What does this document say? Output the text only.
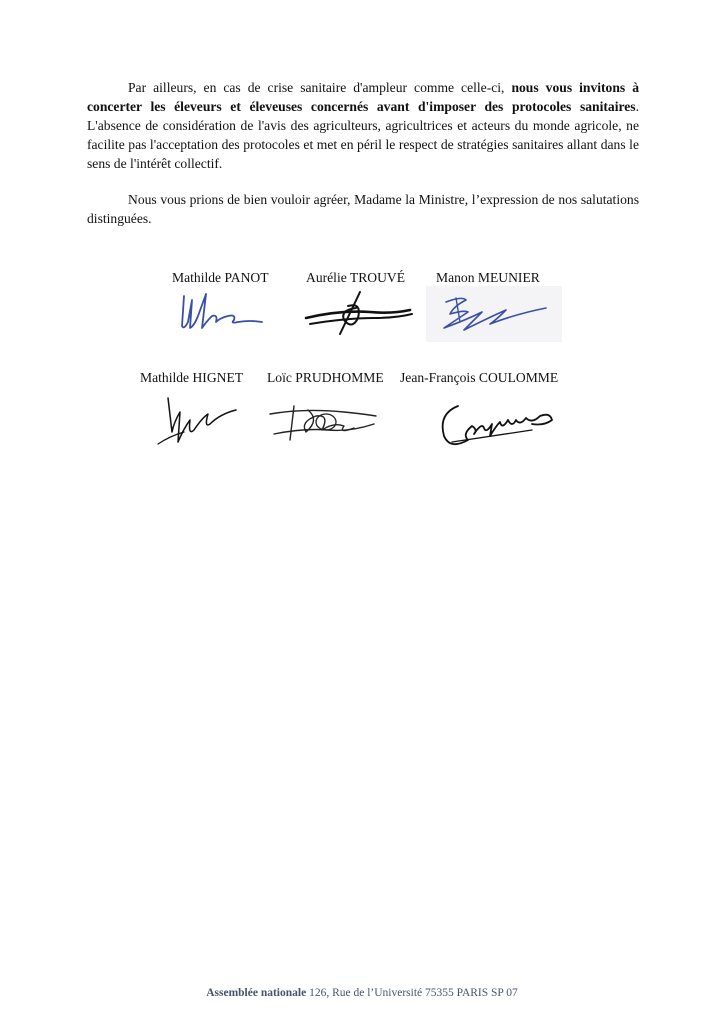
Par ailleurs, en cas de crise sanitaire d'ampleur comme celle-ci, nous vous invitons à concerter les éleveurs et éleveuses concernés avant d'imposer des protocoles sanitaires. L'absence de considération de l'avis des agriculteurs, agricultrices et acteurs du monde agricole, ne facilite pas l'acceptation des protocoles et met en péril le respect de stratégies sanitaires allant dans le sens de l'intérêt collectif.

Nous vous prions de bien vouloir agréer, Madame la Ministre, l’expression de nos salutations distinguées.

Mathilde PANOT	Aurélie TROUVÉ Manon MEUNIER
Mathilde HIGNET Loïc PRUDHOMME Jean-François COULOMME
Assemblée nationale 126, Rue de l’Université 75355 PARIS SP 07
